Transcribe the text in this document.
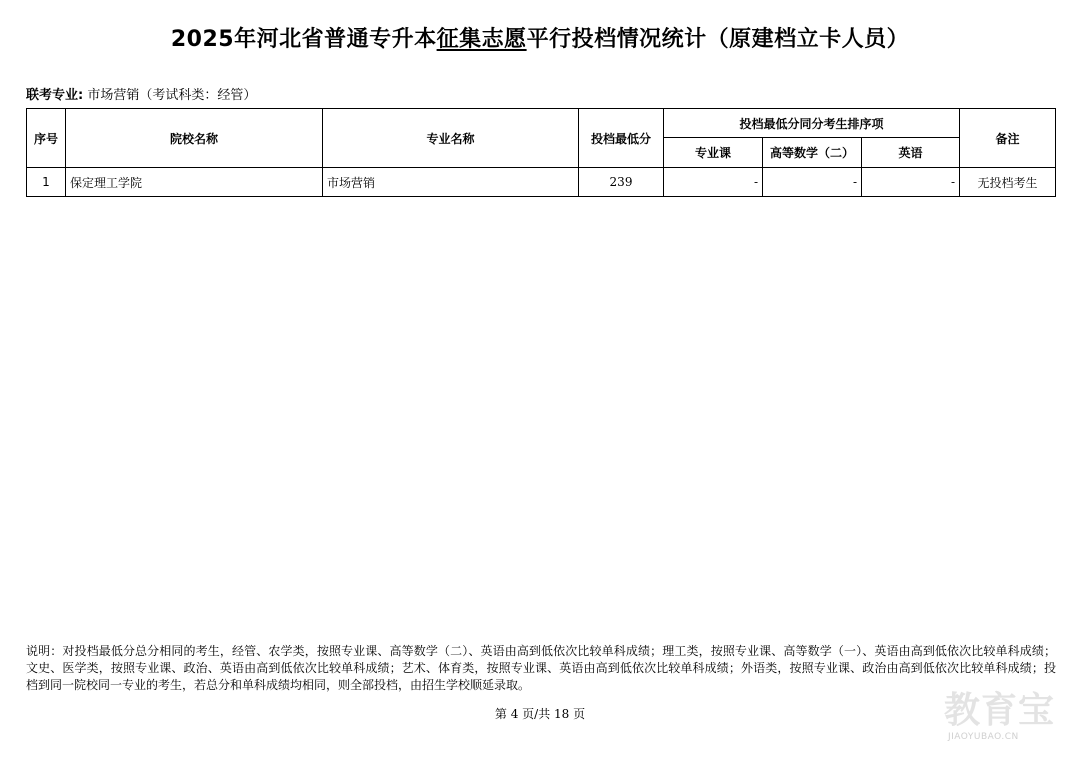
2025年河北省普通专升本征集志愿平行投档情况统计（原建档立卡人员）
联考专业: 市场营销（考试科类：经管）
序号	院校名称	专业名称	投档最低分	投档最低分同分考生排序项			备注
				专业课	高等数学（二）	英语	
1	保定理工学院	市场营销	239	-	-	-	无投档考生
说明：对投档最低分总分相同的考生，经管、农学类，按照专业课、高等数学（二）、英语由高到低依次比较单科成绩；理工类，按照专业课、高等数学（一）、英语由高到低依次比较单科成绩；文史、医学类，按照专业课、政治、英语由高到低依次比较单科成绩；艺术、体育类，按照专业课、英语由高到低依次比较单科成绩；外语类，按照专业课、政治由高到低依次比较单科成绩；投档到同一院校同一专业的考生，若总分和单科成绩均相同，则全部投档，由招生学校顺延录取。
第 4 页/共 18 页	教育宝
JIAOYUBAO.CN
